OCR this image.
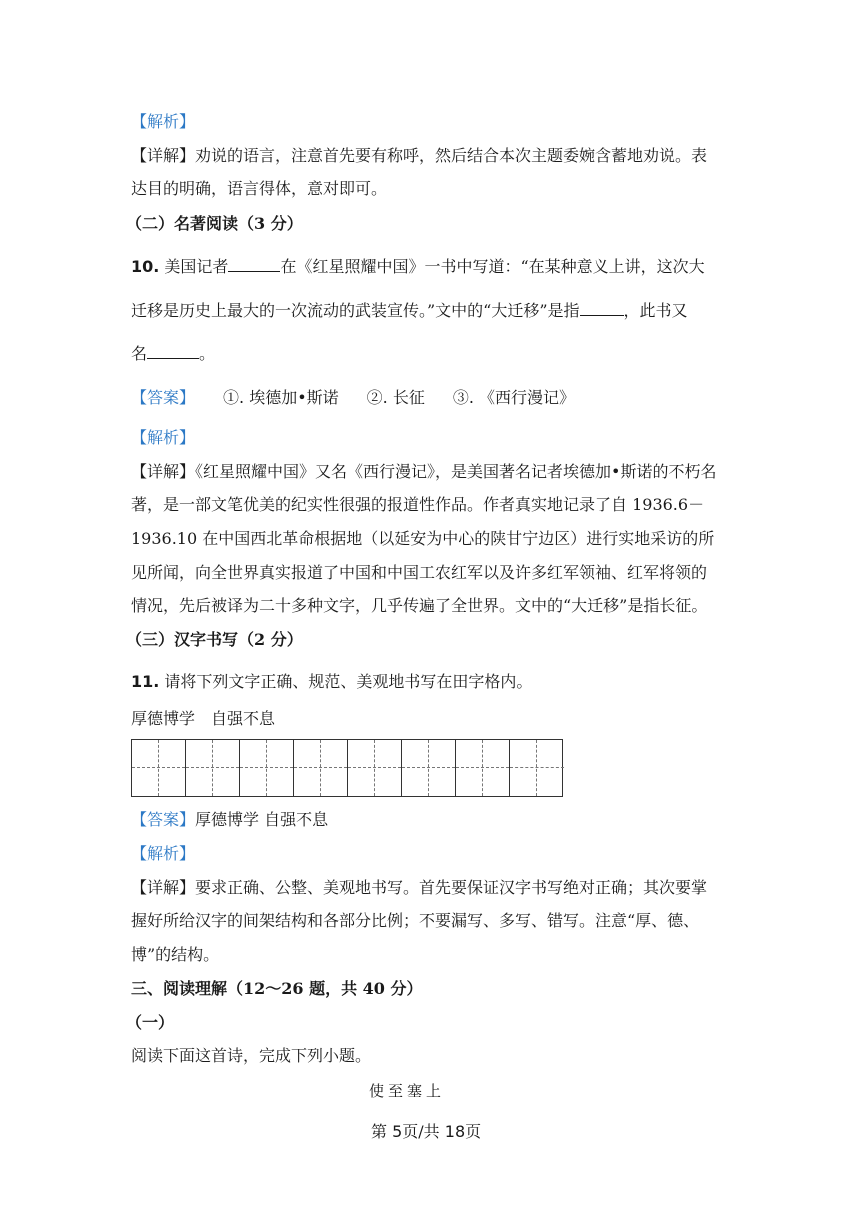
【解析】
【详解】劝说的语言，注意首先要有称呼，然后结合本次主题委婉含蓄地劝说。表
达目的明确，语言得体，意对即可。
（二）名著阅读（3 分）
10. 美国记者	在《红星照耀中国》一书中写道：“在某种意义上讲，这次大
迁移是历史上最大的一次流动的武装宣传。”文中的“大迁移”是指	，此书又
名	。
【答案】 ①. 埃德加•斯诺 ②. 长征 ③. 《西行漫记》
【解析】
【详解】《红星照耀中国》又名《西行漫记》，是美国著名记者埃德加•斯诺的不朽名
著，是一部文笔优美的纪实性很强的报道性作品。作者真实地记录了自 1936.6－
1936.10 在中国西北革命根据地（以延安为中心的陕甘宁边区）进行实地采访的所
见所闻，向全世界真实报道了中国和中国工农红军以及许多红军领袖、红军将领的
情况，先后被译为二十多种文字，几乎传遍了全世界。文中的“大迁移”是指长征。
（三）汉字书写（2 分）
11. 请将下列文字正确、规范、美观地书写在田字格内。
厚德博学　自强不息
【答案】厚德博学 自强不息
【解析】
【详解】要求正确、公整、美观地书写。首先要保证汉字书写绝对正确；其次要掌
握好所给汉字的间架结构和各部分比例；不要漏写、多写、错写。注意“厚、德、
博”的结构。
三、阅读理解（12～26 题，共 40 分）
（一）
阅读下面这首诗，完成下列小题。
使至塞上
第 5页/共 18页
